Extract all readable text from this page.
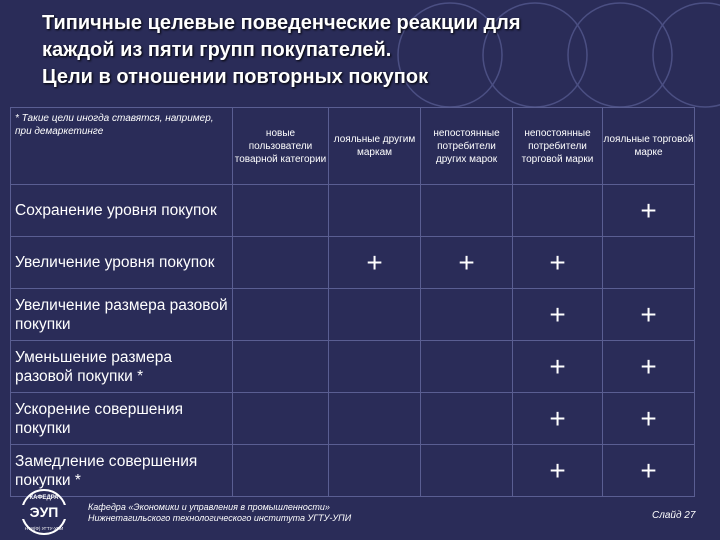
Типичные целевые поведенческие реакции для
каждой из пяти групп покупателей.
Цели в отношении повторных покупок
* Такие цели иногда ставятся, например, при демаркетинге	новые пользователи товарной категории	лояльные другим маркам	непостоянные потребители других марок	непостоянные потребители торговой марки	лояльные торговой марке
Сохранение уровня покупок					+
Увеличение уровня покупок		+	+	+	
Увеличение размера разовой покупки				+	+
Уменьшение размера разовой покупки *				+	+
Ускорение совершения покупки				+	+
Замедление совершения покупки *				+	+
КАФЕДРА
ЭУП
НТИ(Ф) УГТУ-УПИ
Кафедра «Экономики и управления в промышленности»
Нижнетагильского технологического института УГТУ-УПИ	Слайд 27
